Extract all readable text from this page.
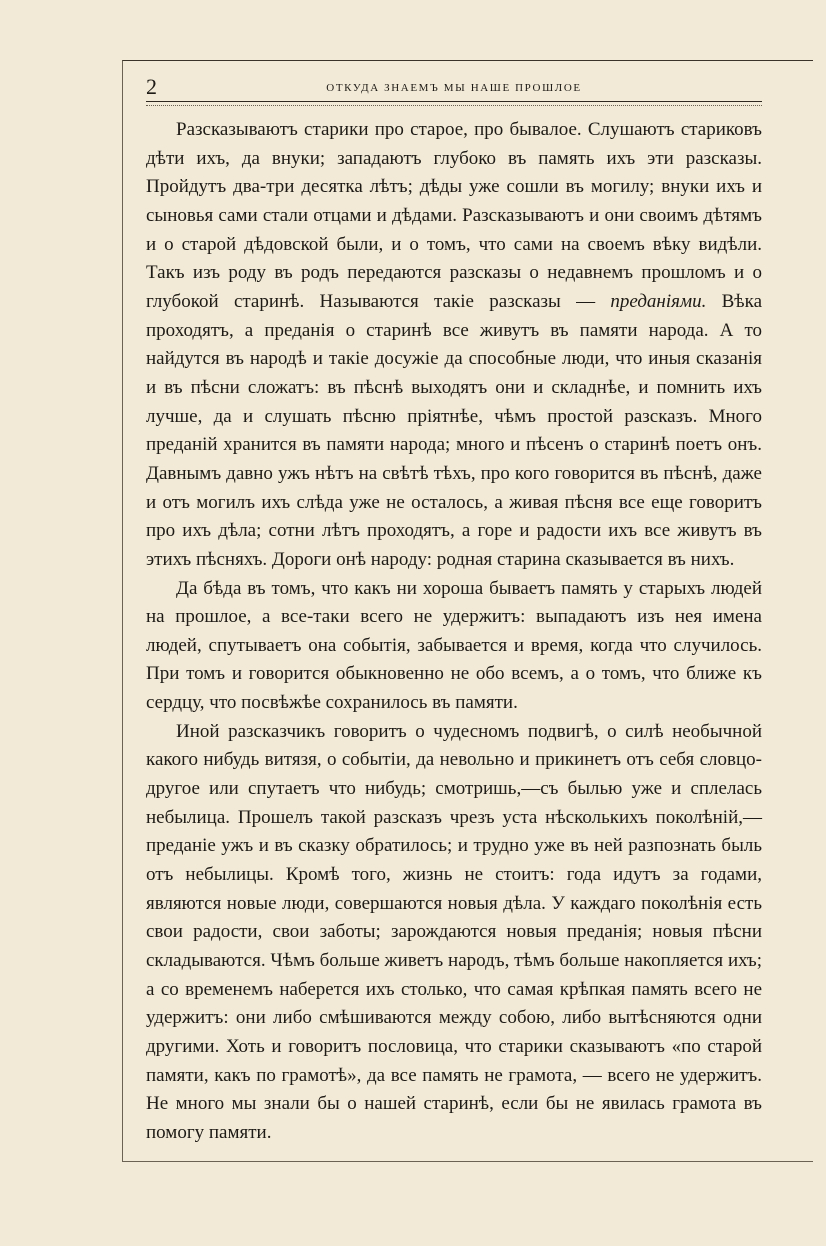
2	ОТКУДА ЗНАЕМЪ МЫ НАШЕ ПРОШЛОЕ

Разсказываютъ старики про старое, про бывалое. Слушаютъ стариковъ дѣти ихъ, да внуки; западаютъ глубоко въ память ихъ эти разсказы. Пройдутъ два-три десятка лѣтъ; дѣды уже сошли въ могилу; внуки ихъ и сыновья сами стали отцами и дѣдами. Разсказываютъ и они своимъ дѣтямъ и о старой дѣдовской были, и о томъ, что сами на своемъ вѣку видѣли. Такъ изъ роду въ родъ передаются разсказы о недавнемъ прошломъ и о глубокой старинѣ. Называются такіе разсказы — преданіями. Вѣка проходятъ, а преданія о старинѣ все живутъ въ памяти народа. А то найдутся въ народѣ и такіе досужіе да способные люди, что иныя сказанія и въ пѣсни сложатъ: въ пѣснѣ выходятъ они и складнѣе, и помнить ихъ лучше, да и слушать пѣсню пріятнѣе, чѣмъ простой разсказъ. Много преданій хранится въ памяти народа; много и пѣсенъ о старинѣ поетъ онъ. Давнымъ давно ужъ нѣтъ на свѣтѣ тѣхъ, про кого говорится въ пѣснѣ, даже и отъ могилъ ихъ слѣда уже не осталось, а живая пѣсня все еще говоритъ про ихъ дѣла; сотни лѣтъ проходятъ, а горе и радости ихъ все живутъ въ этихъ пѣсняхъ. Дороги онѣ народу: родная старина сказывается въ нихъ.

Да бѣда въ томъ, что какъ ни хороша бываетъ память у старыхъ людей на прошлое, а все-таки всего не удержитъ: выпадаютъ изъ нея имена людей, спутываетъ она событія, забывается и время, когда что случилось. При томъ и говорится обыкновенно не обо всемъ, а о томъ, что ближе къ сердцу, что посвѣжѣе сохранилось въ памяти.

Иной разсказчикъ говоритъ о чудесномъ подвигѣ, о силѣ необычной какого нибудь витязя, о событіи, да невольно и прикинетъ отъ себя словцо-другое или спутаетъ что нибудь; смотришь,—съ былью уже и сплелась небылица. Прошелъ такой разсказъ чрезъ уста нѣсколькихъ поколѣній,—преданіе ужъ и въ сказку обратилось; и трудно уже въ ней разпознать быль отъ небылицы. Кромѣ того, жизнь не стоитъ: года идутъ за годами, являются новые люди, совершаются новыя дѣла. У каждаго поколѣнія есть свои радости, свои заботы; зарождаются новыя преданія; новыя пѣсни складываются. Чѣмъ больше живетъ народъ, тѣмъ больше накопляется ихъ; а со временемъ наберется ихъ столько, что самая крѣпкая память всего не удержитъ: они либо смѣшиваются между собою, либо вытѣсняются одни другими. Хоть и говоритъ пословица, что старики сказываютъ «по старой памяти, какъ по грамотѣ», да все память не грамота, — всего не удержитъ. Не много мы знали бы о нашей старинѣ, если бы не явилась грамота въ помогу памяти.
